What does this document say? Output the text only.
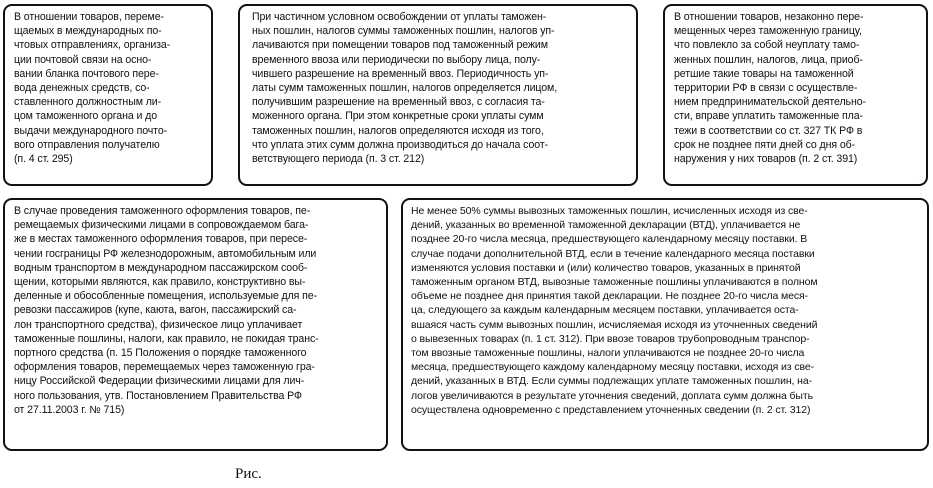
В отношении товаров, переме-
щаемых в международных по-
чтовых отправлениях, организа-
ции почтовой связи на осно-
вании бланка почтового пере-
вода денежных средств, со-
ставленного должностным ли-
цом таможенного органа и до
выдачи международного почто-
вого отправления получателю
(п. 4 ст. 295)

При частичном условном освобождении от уплаты таможен-
ных пошлин, налогов суммы таможенных пошлин, налогов уп-
лачиваются при помещении товаров под таможенный режим
временного ввоза или периодически по выбору лица, полу-
чившего разрешение на временный ввоз. Периодичность уп-
латы сумм таможенных пошлин, налогов определяется лицом,
получившим разрешение на временный ввоз, с согласия та-
моженного органа. При этом конкретные сроки уплаты сумм
таможенных пошлин, налогов определяются исходя из того,
что уплата этих сумм должна производиться до начала соот-
ветствующего периода (п. 3 ст. 212)

В отношении товаров, незаконно пере-
мещенных через таможенную границу,
что повлекло за собой неуплату тамо-
женных пошлин, налогов, лица, приоб-
ретшие такие товары на таможенной
территории РФ в связи с осуществле-
нием предпринимательской деятельно-
сти, вправе уплатить таможенные пла-
тежи в соответствии со ст. 327 ТК РФ в
срок не позднее пяти дней со дня об-
наружения у них товаров (п. 2 ст. 391)

В случае проведения таможенного оформления товаров, пе-
ремещаемых физическими лицами в сопровождаемом бага-
же в местах таможенного оформления товаров, при пересе-
чении госграницы РФ железнодорожным, автомобильным или
водным транспортом в международном пассажирском сооб-
щении, которыми являются, как правило, конструктивно вы-
деленные и обособленные помещения, используемые для пе-
ревозки пассажиров (купе, каюта, вагон, пассажирский са-
лон транспортного средства), физическое лицо уплачивает
таможенные пошлины, налоги, как правило, не покидая транс-
портного средства (п. 15 Положения о порядке таможенного
оформления товаров, перемещаемых через таможенную гра-
ницу Российской Федерации физическими лицами для лич-
ного пользования, утв. Постановлением Правительства РФ
от 27.11.2003 г. № 715)

Не менее 50% суммы вывозных таможенных пошлин, исчисленных исходя из све-
дений, указанных во временной таможенной декларации (ВТД), уплачивается не
позднее 20-го числа месяца, предшествующего календарному месяцу поставки. В
случае подачи дополнительной ВТД, если в течение календарного месяца поставки
изменяются условия поставки и (или) количество товаров, указанных в принятой
таможенным органом ВТД, вывозные таможенные пошлины уплачиваются в полном
объеме не позднее дня принятия такой декларации. Не позднее 20-го числа меся-
ца, следующего за каждым календарным месяцем поставки, уплачивается оста-
вшаяся часть сумм вывозных пошлин, исчисляемая исходя из уточненных сведений
о вывезенных товарах (п. 1 ст. 312). При ввозе товаров трубопроводным транспор-
том ввозные таможенные пошлины, налоги уплачиваются не позднее 20-го числа
месяца, предшествующего каждому календарному месяцу поставки, исходя из све-
дений, указанных в ВТД. Если суммы подлежащих уплате таможенных пошлин, на-
логов увеличиваются в результате уточнения сведений, доплата сумм должна быть
осуществлена одновременно с представлением уточненных сведении (п. 2 ст. 312)

Рис.
